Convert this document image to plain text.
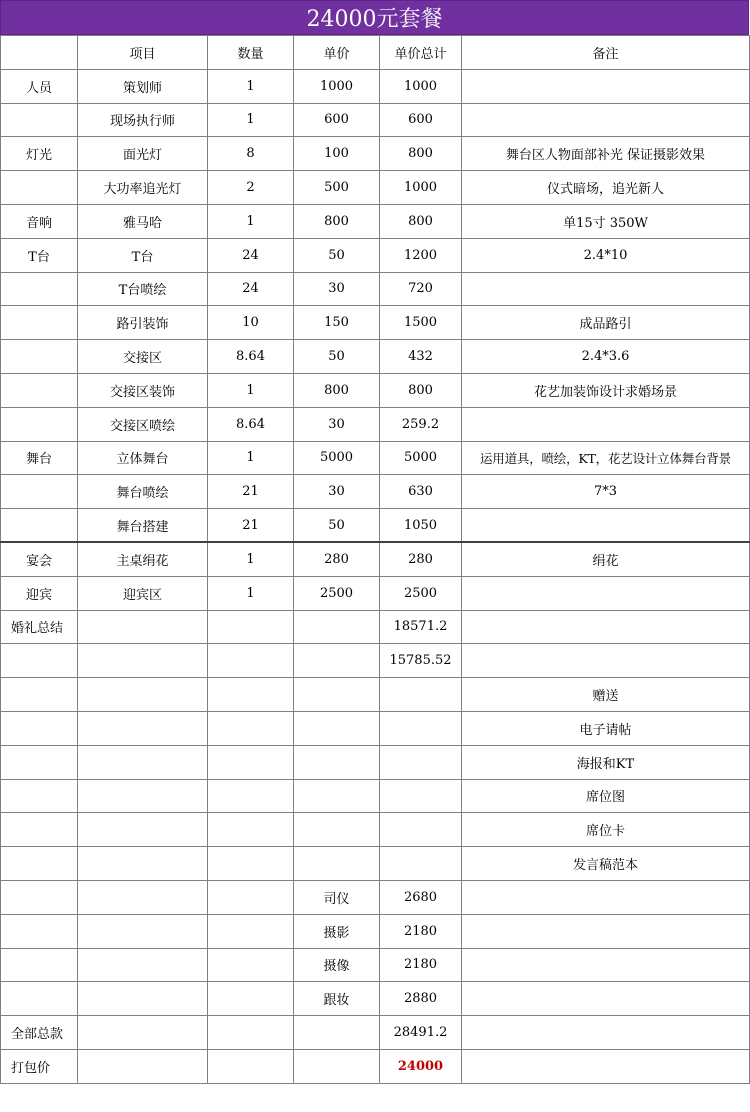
24000元套餐
	项目	数量	单价	单价总计	备注
人员	策划师	1	1000	1000	
	现场执行师	1	600	600	
灯光	面光灯	8	100	800	舞台区人物面部补光 保证摄影效果
	大功率追光灯	2	500	1000	仪式暗场，追光新人
音响	雅马哈	1	800	800	单15寸 350W
T台	T台	24	50	1200	2.4*10
	T台喷绘	24	30	720	
	路引装饰	10	150	1500	成品路引
	交接区	8.64	50	432	2.4*3.6
	交接区装饰	1	800	800	花艺加装饰设计求婚场景
	交接区喷绘	8.64	30	259.2	
舞台	立体舞台	1	5000	5000	运用道具，喷绘，KT，花艺设计立体舞台背景
	舞台喷绘	21	30	630	7*3
	舞台搭建	21	50	1050	
宴会	主桌绢花	1	280	280	绢花
迎宾	迎宾区	1	2500	2500	
婚礼总结				18571.2	
				15785.52	
					赠送
					电子请帖
					海报和KT
					席位图
					席位卡
					发言稿范本
			司仪	2680	
			摄影	2180	
			摄像	2180	
			跟妆	2880	
全部总款				28491.2	
打包价				24000	
